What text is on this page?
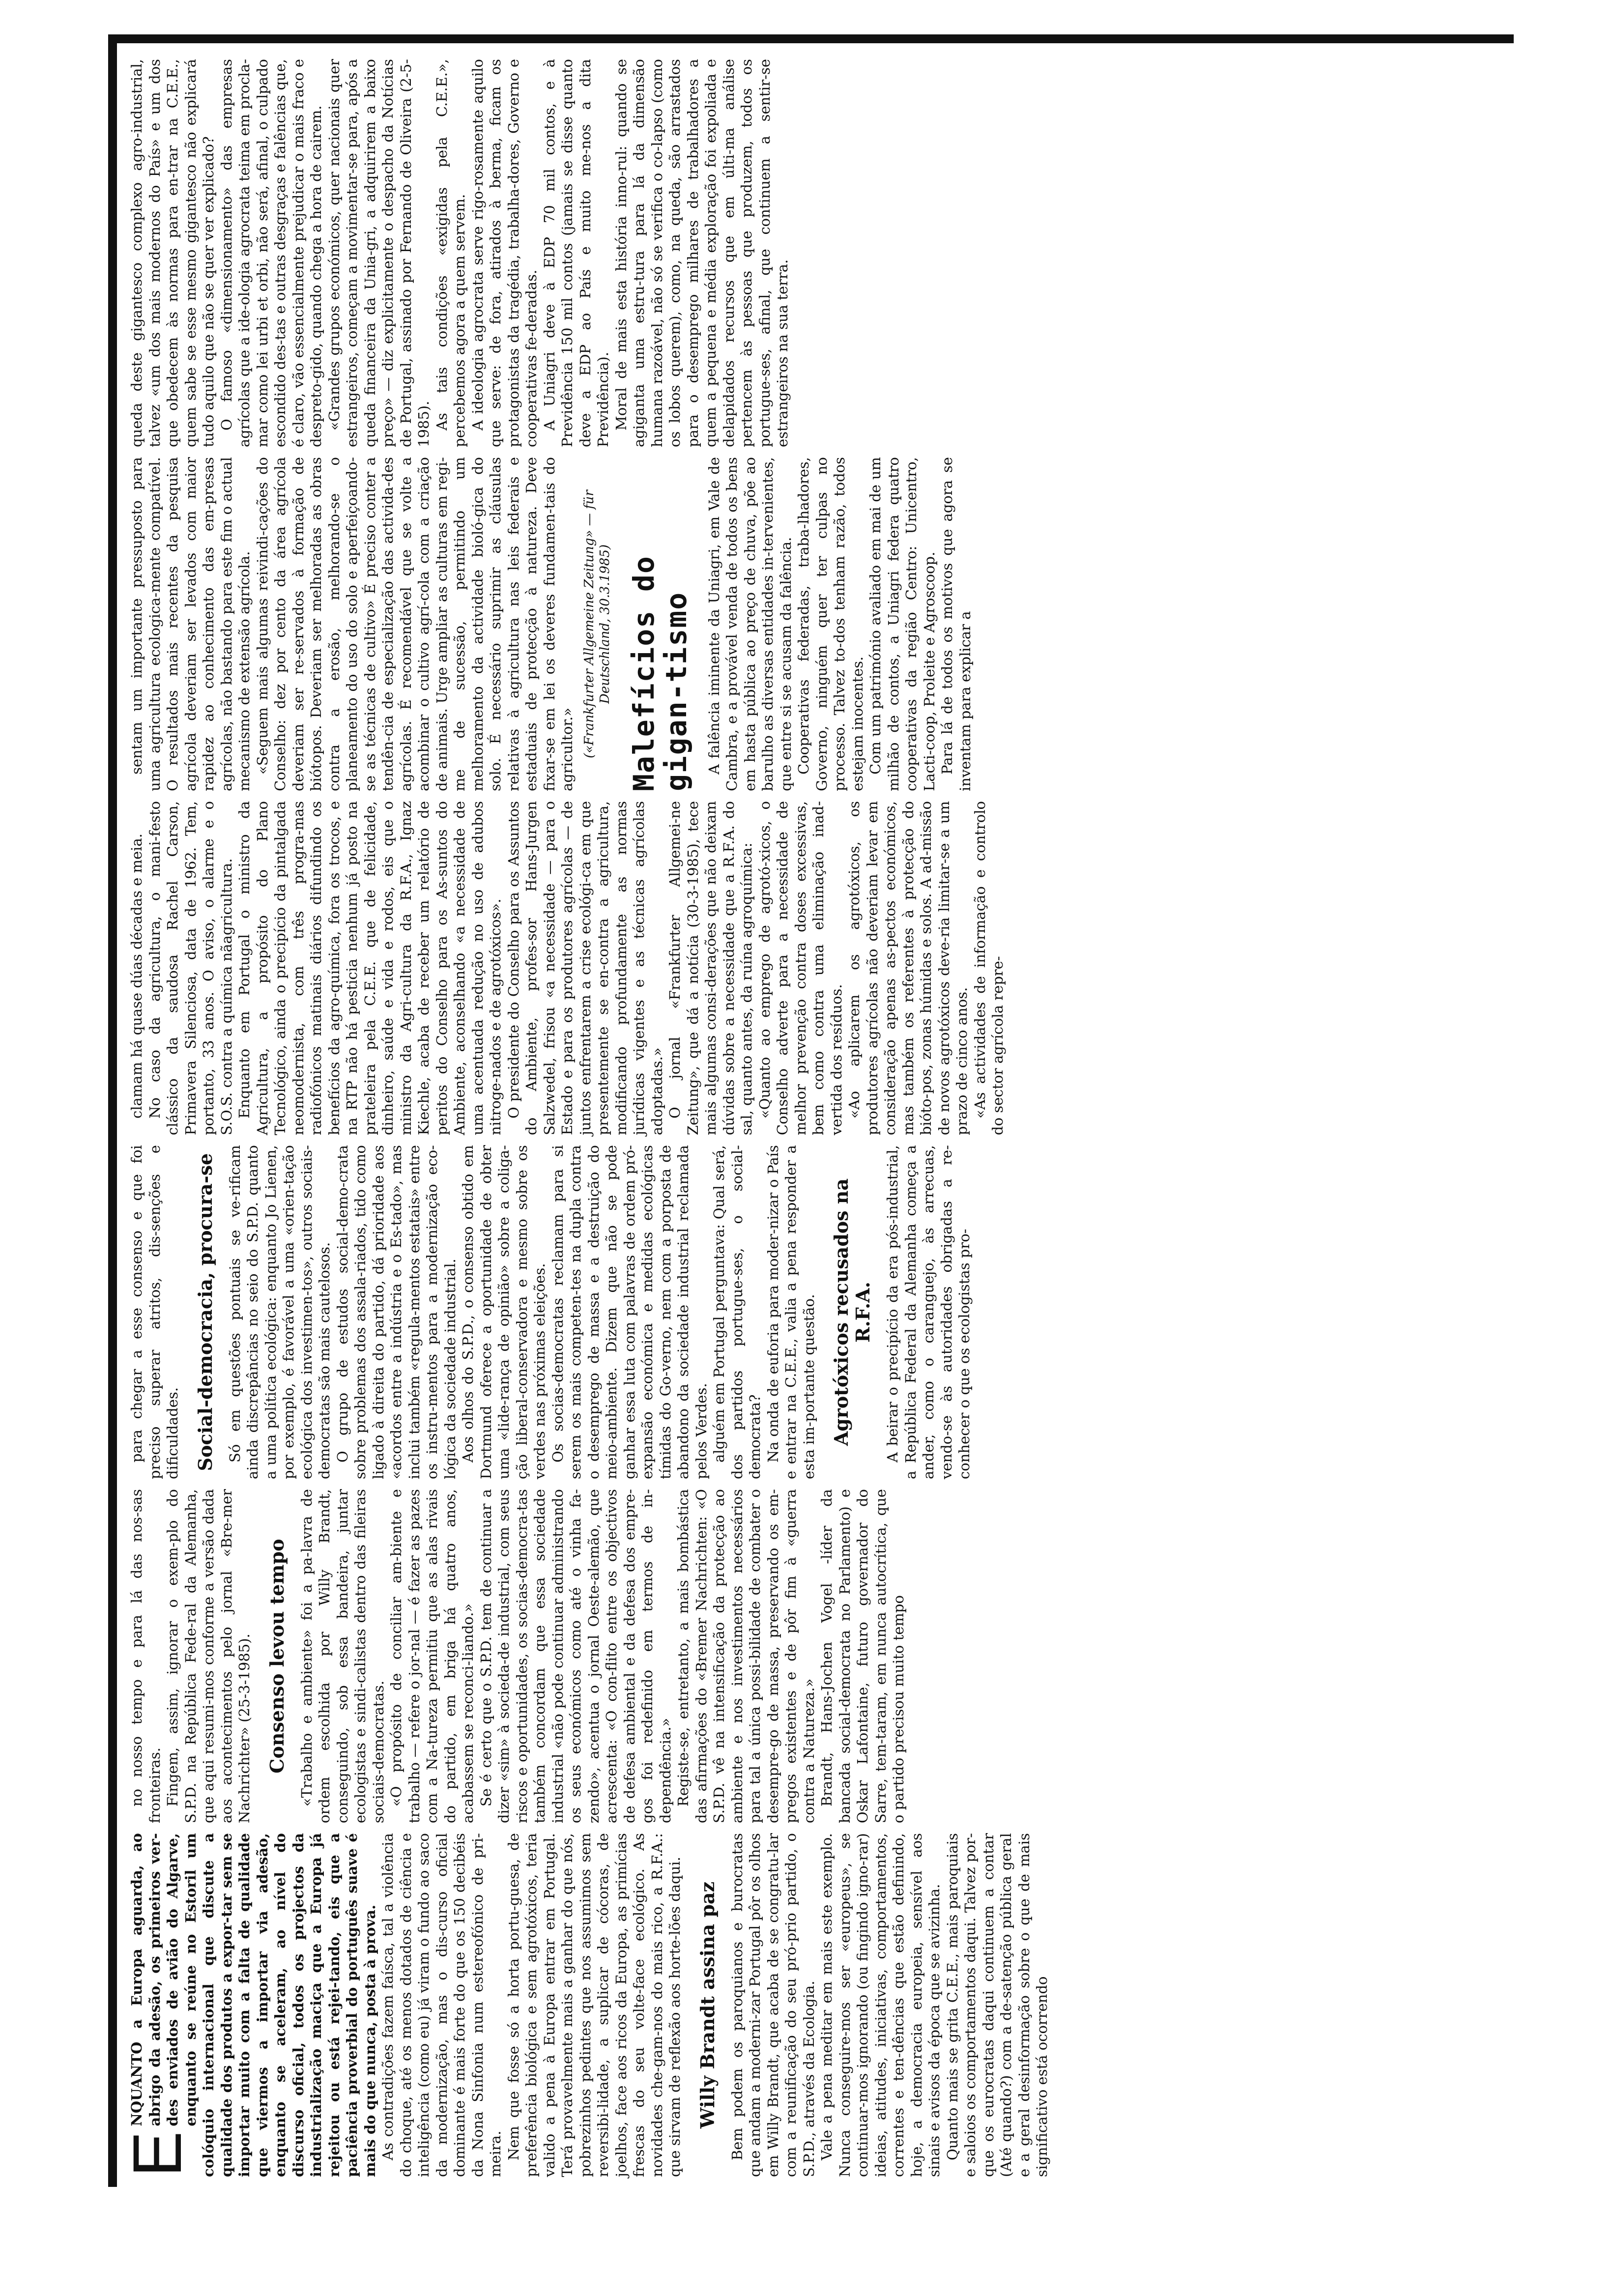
E
NQUANTO a Europa aguarda, ao abrigo da adesão, os primeiros ver-des enviados de avião do Algarve, enquanto se reúne no Estoril um colóquio internacional que discute a qualidade dos produtos a expor-tar sem se importar muito com a falta de qualidade que viermos a importar via adesão, enquanto se aceleram, ao nível do discurso oficial, todos os projectos da industrialização maciça que a Europa já rejeitou ou está rejei-tando, eis que a paciência proverbial do português suave é mais do que nunca, posta à prova. As contradições fazem faísca, tal a violência do choque, até os menos dotados de ciência e inteligência (como eu) já viram o fundo ao saco da modernização, mas o dis-curso oficial dominante é mais forte do que os 150 decibéis da Nona Sinfonia num estereofónico de pri-meira. Nem que fosse só a horta portu-guesa, de preferência biológica e sem agrotóxicos, teria valido a pena à Europa entrar em Portugal. Terá provavelmente mais a ganhar do que nós, pobrezinhos pedintes que nos assumimos sem reversibi-lidade, a suplicar de cócoras, de joelhos, face aos ricos da Europa, as primícias frescas do seu volte-face ecológico. As novidades che-gam-nos do mais rico, a R.F.A.: que sirvam de reflexão aos horte-lões daqui. Willy Brandt assina paz Bem podem os paroquianos e burocratas que andam a moderni-zar Portugal pôr os olhos em Willy Brandt, que acaba de se congratu-lar com a reunificação do seu pró-prio partido, o S.P.D., através da Ecologia. Vale a pena meditar em mais este exemplo. Nunca conseguire-mos ser «europeus», se continuar-mos ignorando (ou fingindo igno-rar) ideias, atitudes, iniciativas, comportamentos, correntes e ten-dências que estão definindo, hoje, a democracia europeia, sensível aos sinais e avisos da época que se avizinha. Quanto mais se grita C.E.E., mais paroquiais e saloios os comportamentos daqui. Talvez por-que os eurocratas daqui continuem a contar (Até quando?) com a de-satenção pública geral e a geral desinformação sobre o que de mais significativo está ocorrendo

no nosso tempo e para lá das nos-sas fronteiras. Fingem, assim, ignorar o exem-plo do S.P.D. na República Fede-ral da Alemanha, que aqui resumi-mos conforme a versão dada aos acontecimentos pelo jornal «Bre-mer Nachrichter» (25-3-1985). Consenso levou tempo «Trabalho e ambiente» foi a pa-lavra de ordem escolhida por Willy Brandt, conseguindo, sob essa bandeira, juntar ecologistas e sindi-calistas dentro das fileiras sociais-democratas. «O propósito de conciliar am-biente e trabalho — refere o jor-nal — é fazer as pazes com a Na-tureza permitiu que as alas rivais do partido, em briga há quatro anos, acabassem se reconci-liando.» Se é certo que o S.P.D. tem de continuar a dizer «sim» à socieda-de industrial, com seus riscos e oportunidades, os socias-democra-tas também concordam que essa sociedade industrial «não pode continuar administrando os seus económicos como até o vinha fa-zendo», acentua o jornal Oeste-alemão, que acrescenta: «O con-flito entre os objectivos de defesa ambiental e da defesa dos empre-gos foi redefinido em termos de in-dependência.» Registe-se, entretanto, a mais bombástica das afirmações do «Bremer Nachrichten: «O S.P.D. vê na intensificação da protecção ao ambiente e nos investimentos necessários para tal a única possi-bilidade de combater o desempre-go de massa, preservando os em-pregos existentes e de pôr fim à «guerra contra a Natureza.» Brandt, Hans-Jochen Vogel -líder da bancada social-democrata no Parlamento) e Oskar Lafontaine, futuro governador do Sarre, tem-taram, em nunca autocrítica, que o partido precisou muito tempo

para chegar a esse consenso e que foi preciso superar atritos, dis-senções e dificuldades. Social-democracia, procura-se Só em questões pontuais se ve-rificam ainda discrepâncias no seio do S.P.D. quanto a uma política ecológica: enquanto Jo Lienen, por exemplo, é favorável a uma «orien-tação ecológica dos investimen-tos», outros sociais-democratas são mais cautelosos. O grupo de estudos social-demo-crata sobre problemas dos assala-riados, tido como ligado à direita do partido, dá prioridade aos «acordos entre a indústria e o Es-tado», mas inclui também «regula-mentos estatais» entre os instru-mentos para a modernização eco-lógica da sociedade industrial. Aos olhos do S.P.D., o consenso obtido em Dortmund oferece a oportunidade de obter uma «lide-rança de opinião» sobre a coliga-ção liberal-conservadora e mesmo sobre os verdes nas próximas eleições. Os socias-democratas reclamam para si serem os mais competen-tes na dupla contra o desemprego de massa e a destruição do meio-ambiente. Dizem que não se pode ganhar essa luta com palavras de ordem pró-expansão económica e medidas ecológicas tímidas do Go-verno, nem com a porposta de abandono da sociedade industrial reclamada pelos Verdes. alguém em Portugal perguntava: Qual será, dos partidos portugue-ses, o social-democrata? Na onda de euforia para moder-nizar o País e entrar na C.E.E., valia a pena responder a esta im-portante questão. Agrotóxicos recusados na R.F.A. A beirar o precipício da era pós-industrial, a República Federal da Alemanha começa a ander, como o caranguejo, às arrecuas, vendo-se às autoridades obrigadas a re-conhecer o que os ecologistas pro-

clamam há quase dúas décadas e meia. No caso da agricultura, o mani-festo clássico da saudosa Rachel Carson, Primavera Silenciosa, data de 1962. Tem, portanto, 33 anos. O aviso, o alarme e o S.O.S. contra a química nãagricultura. Enquanto em Portugal o ministro da Agricultura, a propósito do Plano Tecnológico, ainda o precipício da pintalgada neomodernista, com três progra-mas radiofónicos matinais diários difundindo os benefícios da agro-química, fora os trocos, e na RTP não há pesticia nenhum já posto na prateleira pela C.E.E. que de felicidade, dinheiro, saúde e vida e rodos, eis que o ministro da Agri-cultura da R.F.A., Ignaz Kiechle, acaba de receber um relatório de peritos do Conselho para os As-suntos do Ambiente, aconselhando «a necessidade de uma acentuada redução no uso de adubos nitroge-nados e de agrotóxicos». O presidente do Conselho para os Assuntos do Ambiente, profes-sor Hans-Jurgen Salzwedel, frisou «a necessidade — para o Estado e para os produtores agrícolas — de juntos enfrentarem a crise ecológi-ca em que presentemente se en-contra a agricultura, modificando profundamente as normas jurídicas vigentes e as técnicas agrícolas adoptadas.» O jornal «Frankfurter Allgemei-ne Zeitung», que dá a notícia (30-3-1985), tece mais algumas consi-derações que não deixam dúvidas sobre a necessidade que a R.F.A. do sal, quanto antes, da ruína agroquímica: «Quanto ao emprego de agrotó-xicos, o Conselho adverte para a necessidade de melhor prevenção contra doses excessivas, bem como contra uma eliminação inad-vertida dos resíduos. «Ao aplicarem os agrotóxicos, os produtores agrícolas não deveriam levar em consideração apenas as-pectos económicos, mas também os referentes à protecção do bióto-pos, zonas húmidas e solos. A ad-missão de novos agrotóxicos deve-ria limitar-se a um prazo de cinco anos. «As actividades de informação e controlo do sector agrícola repre-

sentam um importante pressuposto para uma agricultura ecologica-mente compatível. O resultados mais recentes da pesquisa agrícola deveriam ser levados com maior rapidez ao conhecimento das em-presas agrícolas, não bastando para este fim o actual mecanismo de extensão agrícola. «Seguem mais algumas reivindi-cações do Conselho: dez por cento da área agrícola deveriam ser re-servados à formação de biótopos. Deveriam ser melhoradas as obras contra a erosão, melhorando-se o planeamento do uso do solo e aperfeiçoando-se as técnicas de cultivo» É preciso conter a tendên-cia de especialização das activida-des agrícolas. É recomendável que se volte a acombinar o cultivo agrí-cola com a criação de animais. Urge ampliar as culturas em regi-me de sucessão, permitindo um melhoramento da actividade bioló-gica do solo. É necessário suprimir as cláusulas relativas à agricultura nas leis federais e estaduais de protecção à natureza. Deve fixar-se em lei os deveres fundamen-tais do agricultor.» («Frankfurter Allgemeine Zeitung» — für Deutschland, 30.3.1985) Malefícios do gigan-tismo A falência iminente da Uniagri, em Vale de Cambra, e a provável venda de todos os bens em hasta pública ao preço de chuva, põe ao barulho as diversas entidades in-tervenientes, que entre si se acusam da falência. Cooperativas federadas, traba-lhadores, Governo, ninguém quer ter culpas no processo. Talvez to-dos tenham razão, todos estejam inocentes. Com um património avaliado em mai de um milhão de contos, a Uniagri federa quatro cooperativas da região Centro: Unicentro, Lacti-coop, Proleite e Agroscoop. Para lá de todos os motivos que agora se inventam para explicar a

queda deste gigantesco complexo agro-industrial, talvez «um dos mais modernos do País» e um dos que obedecem às normas para en-trar na C.E.E., quem sabe se esse mesmo gigantesco não explicará tudo aquilo que não se quer ver explicado? O famoso «dimensionamento» das empresas agrícolas que a ide-ologia agrocrata teima em procla-mar como lei urbi et orbi, não será, afinal, o culpado escondido des-tas e outras desgraças e falências que, é claro, vão essencialmente prejudicar o mais fraco e despreto-gido, quando chega a hora de cairem. «Grandes grupos económicos, quer nacionais quer estrangeiros, começam a movimentar-se para, após a queda financeira da Unia-gri, a adquirirem a baixo preço» — diz explicitamente o despacho da Notícias de Portugal, assinado por Fernando de Oliveira (2-5-1985). As tais condições «exigidas pela C.E.E.», percebemos agora a quem servem. A ideologia agrocrata serve rigo-rosamente aquilo que serve: de fora, atirados à berma, ficam os protagonistas da tragédia, trabalha-dores, Governo e cooperativas fe-deradas. A Uniagri deve à EDP 70 mil contos, e à Previdência 150 mil contos (jamais se disse quanto deve a EDP ao País e muito me-nos a dita Previdência). Moral de mais esta história inno-rul: quando se agiganta uma estru-tura para lá da dimensão humana razoável, não só se verifica o co-lapso (como os lobos querem), como, na queda, são arrastados para o desemprego milhares de trabalhadores a quem a pequena e média exploração foi expoliada e delapidados recursos que em últi-ma análise pertencem às pessoas que produzem, todos os portugue-ses, afinal, que continuem a sentir-se estrangeiros na sua terra.
